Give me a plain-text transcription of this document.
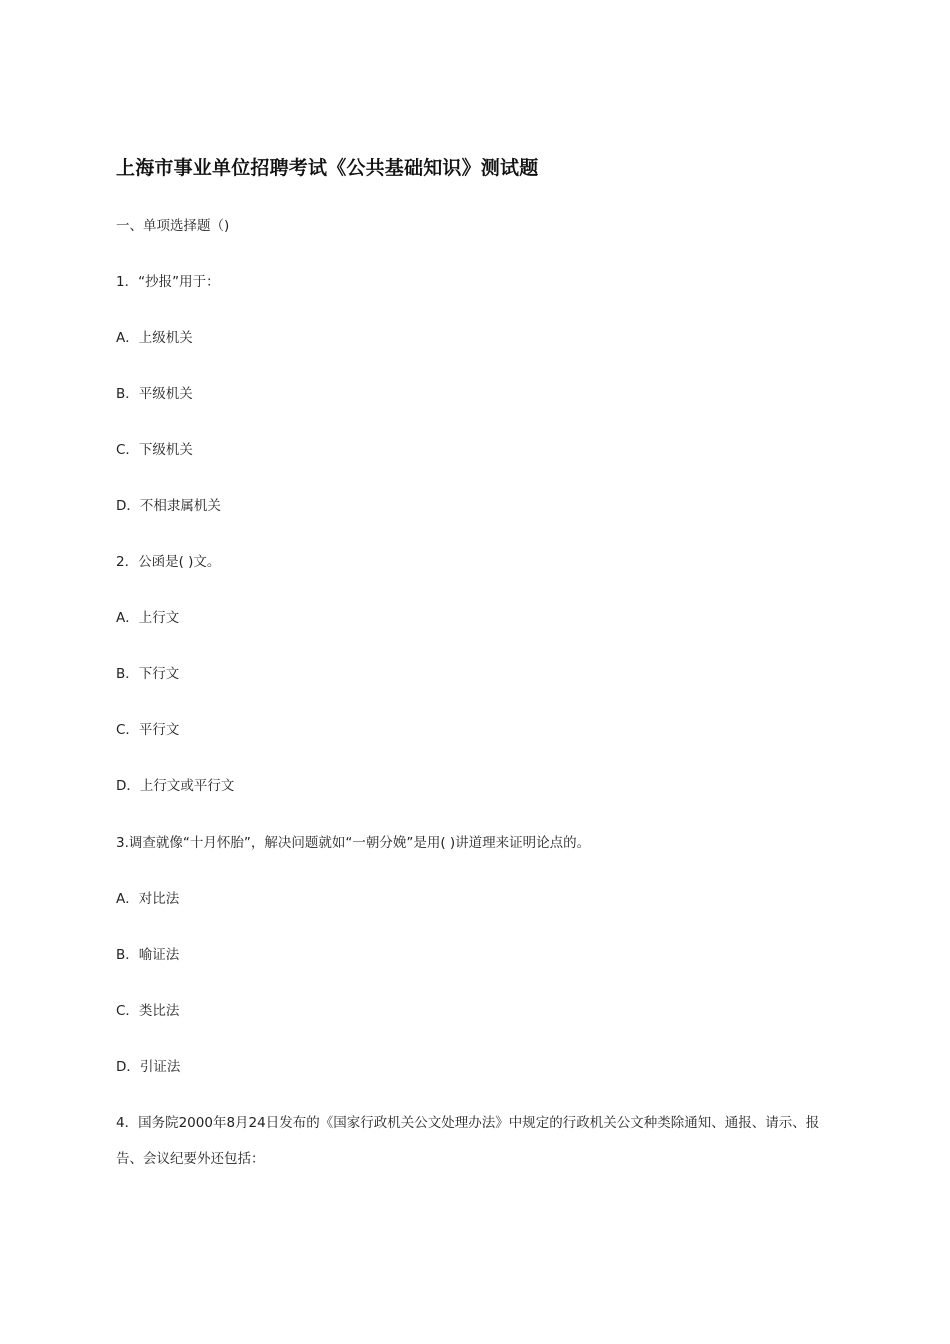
上海市事业单位招聘考试《公共基础知识》测试题
一、单项选择题（)
1．“抄报”用于：
A．上级机关
B．平级机关
C．下级机关
D．不相隶属机关
2．公函是( )文。
A．上行文
B．下行文
C．平行文
D．上行文或平行文
3.调查就像“十月怀胎”，解决问题就如“一朝分娩”是用( )讲道理来证明论点的。
A．对比法
B．喻证法
C．类比法
D．引证法
4．国务院2000年8月24日发布的《国家行政机关公文处理办法》中规定的行政机关公文种类除通知、通报、请示、报告、会议纪要外还包括：
